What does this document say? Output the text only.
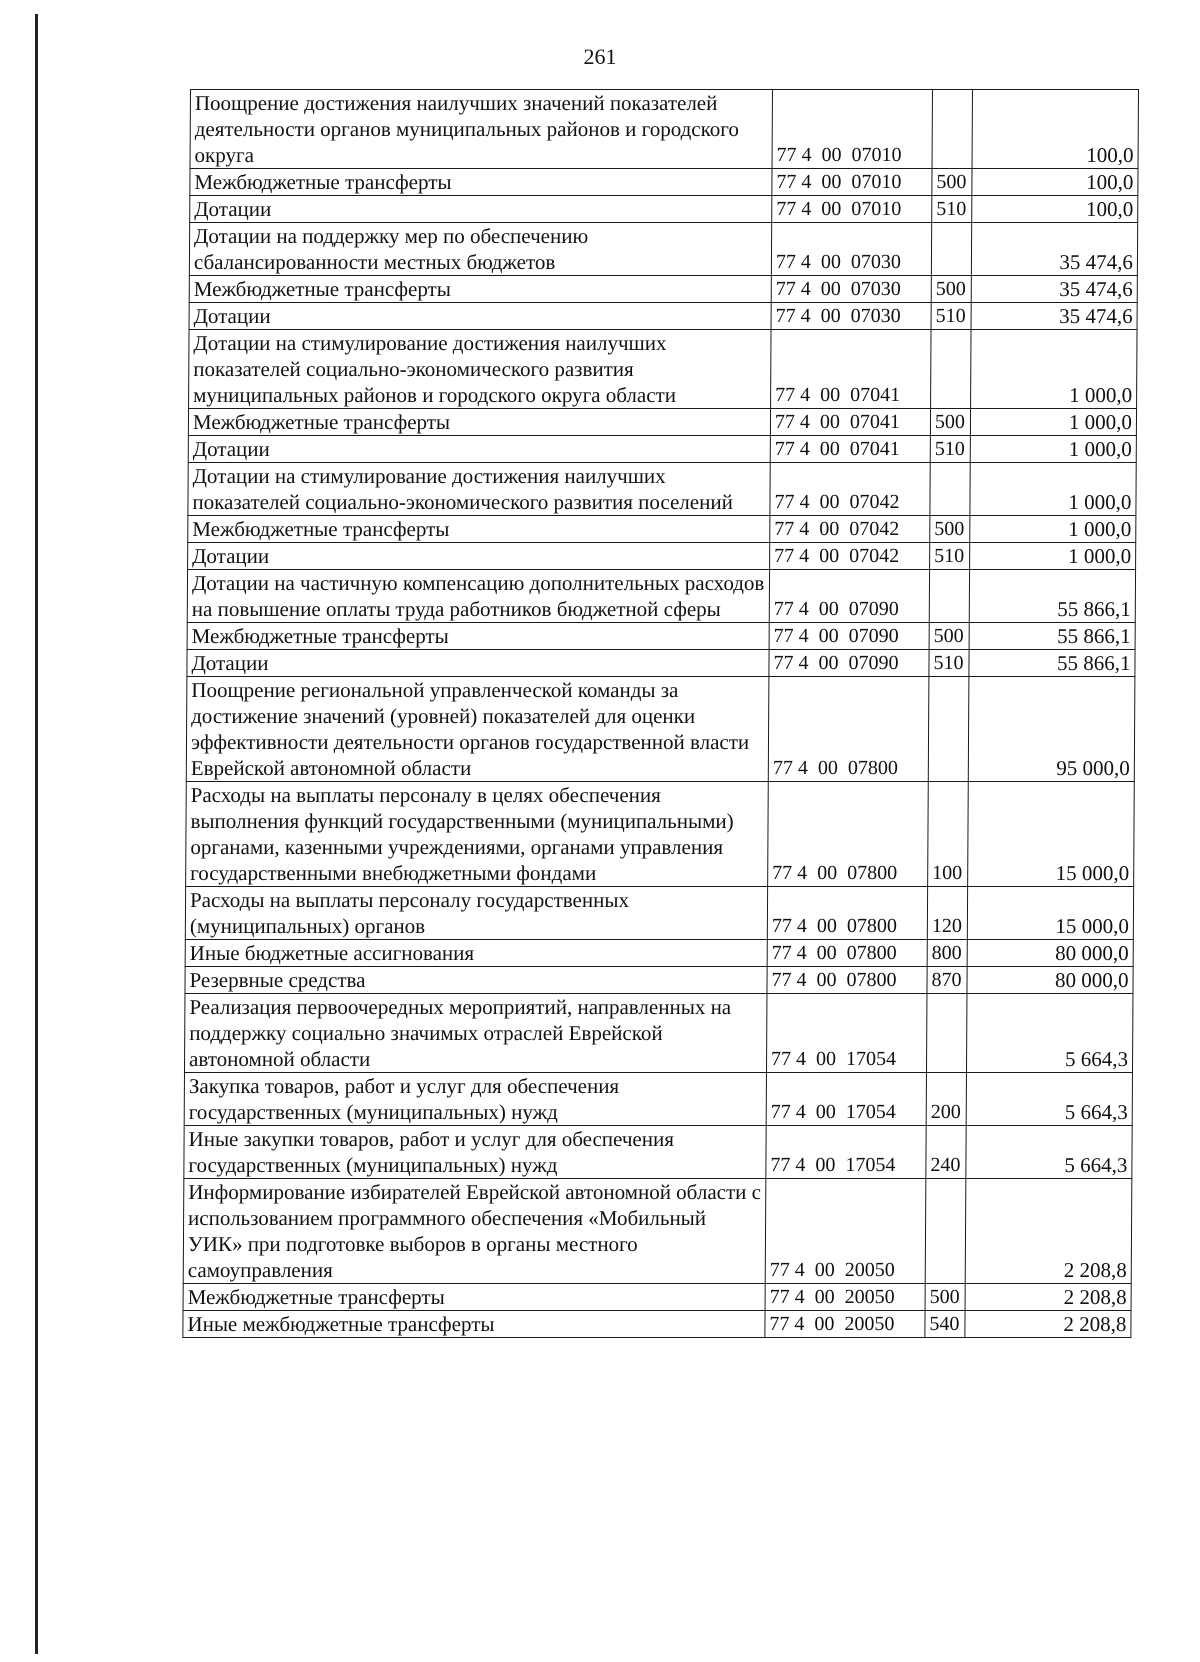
261
Поощрение достижения наилучших значений показателей деятельности органов муниципальных районов и городского округа	77 4  00  07010		100,0
Межбюджетные трансферты	77 4  00  07010	500	100,0
Дотации	77 4  00  07010	510	100,0
Дотации на поддержку мер по обеспечению сбалансированности местных бюджетов	77 4  00  07030		35 474,6
Межбюджетные трансферты	77 4  00  07030	500	35 474,6
Дотации	77 4  00  07030	510	35 474,6
Дотации на стимулирование достижения наилучших показателей социально-экономического развития муниципальных районов и городского округа области	77 4  00  07041		1 000,0
Межбюджетные трансферты	77 4  00  07041	500	1 000,0
Дотации	77 4  00  07041	510	1 000,0
Дотации на стимулирование достижения наилучших показателей социально-экономического развития поселений	77 4  00  07042		1 000,0
Межбюджетные трансферты	77 4  00  07042	500	1 000,0
Дотации	77 4  00  07042	510	1 000,0
Дотации на частичную компенсацию дополнительных расходов на повышение оплаты труда работников бюджетной сферы	77 4  00  07090		55 866,1
Межбюджетные трансферты	77 4  00  07090	500	55 866,1
Дотации	77 4  00  07090	510	55 866,1
Поощрение региональной управленческой команды за достижение значений (уровней) показателей для оценки эффективности деятельности органов государственной власти Еврейской автономной области	77 4  00  07800		95 000,0
Расходы на выплаты персоналу в целях обеспечения выполнения функций государственными (муниципальными) органами, казенными учреждениями, органами управления государственными внебюджетными фондами	77 4  00  07800	100	15 000,0
Расходы на выплаты персоналу государственных (муниципальных) органов	77 4  00  07800	120	15 000,0
Иные бюджетные ассигнования	77 4  00  07800	800	80 000,0
Резервные средства	77 4  00  07800	870	80 000,0
Реализация первоочередных мероприятий, направленных на поддержку социально значимых отраслей Еврейской автономной области	77 4  00  17054		5 664,3
Закупка товаров, работ и услуг для обеспечения государственных (муниципальных) нужд	77 4  00  17054	200	5 664,3
Иные закупки товаров, работ и услуг для обеспечения государственных (муниципальных) нужд	77 4  00  17054	240	5 664,3
Информирование избирателей Еврейской автономной области с использованием программного обеспечения «Мобильный УИК» при подготовке выборов в органы местного самоуправления	77 4  00  20050		2 208,8
Межбюджетные трансферты	77 4  00  20050	500	2 208,8
Иные межбюджетные трансферты	77 4  00  20050	540	2 208,8
